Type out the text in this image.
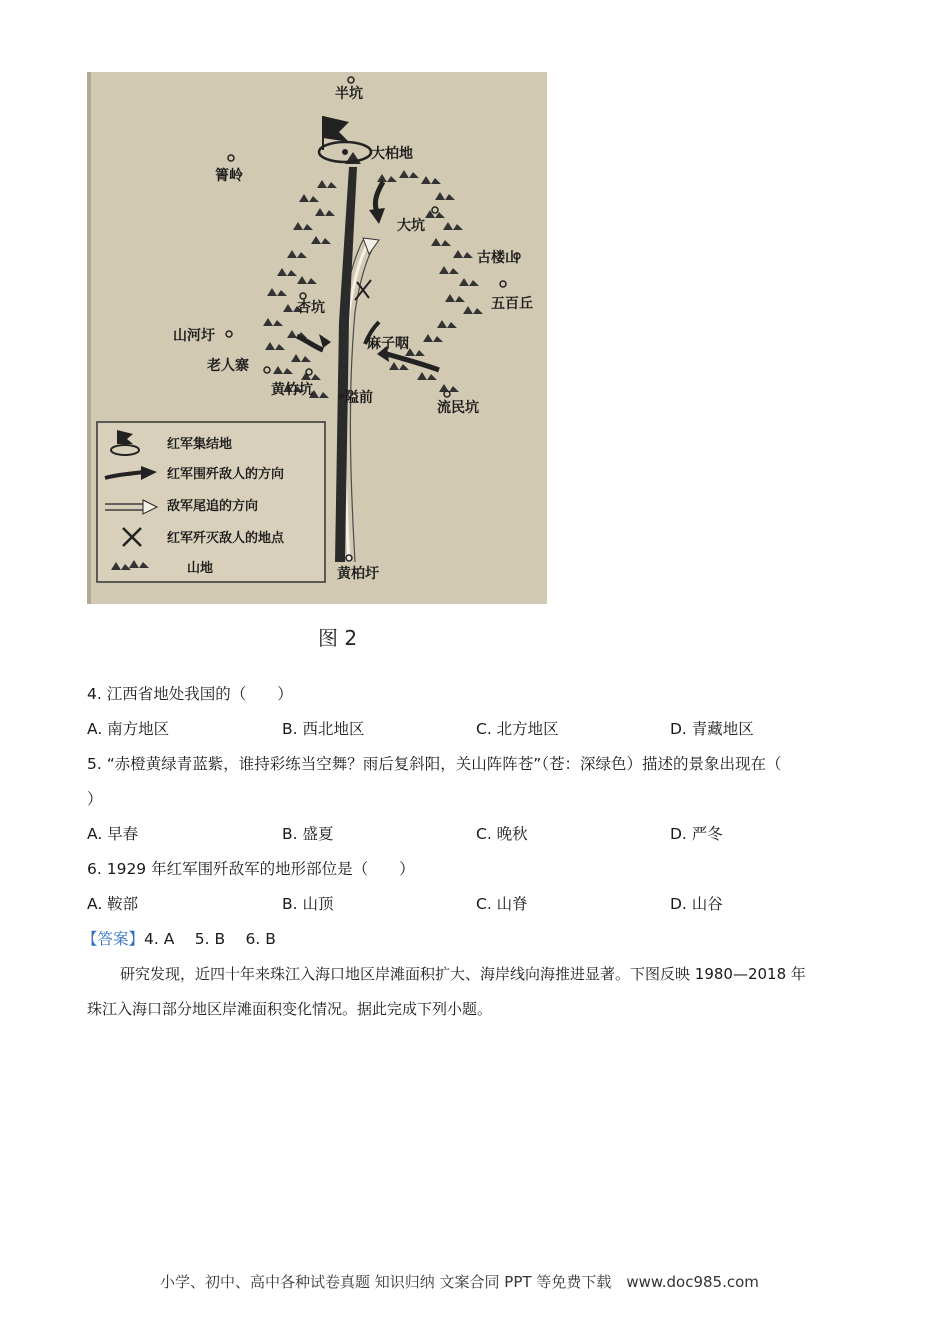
半坑
大柏地
箐岭
大坑
古楼山
五百丘
杏坑
山河圩
老人寨
麻子咽
黄竹坑 隘前
流民坑
黄柏圩
红军集结地
红军围歼敌人的方向
敌军尾追的方向
红军歼灭敌人的地点
山地
图 2
4. 江西省地处我国的（　　）
A. 南方地区	B. 西北地区	C. 北方地区	D. 青藏地区
5. “赤橙黄绿青蓝紫，谁持彩练当空舞？雨后复斜阳，关山阵阵苍”（苍：深绿色）描述的景象出现在（
）
A. 早春	B. 盛夏	C. 晚秋	D. 严冬
6. 1929 年红军围歼敌军的地形部位是（　　）
A. 鞍部	B. 山顶	C. 山脊	D. 山谷
【答案】4. A　 5. B　 6. B
研究发现，近四十年来珠江入海口地区岸滩面积扩大、海岸线向海推进显著。下图反映 1980—2018 年
珠江入海口部分地区岸滩面积变化情况。据此完成下列小题。
小学、初中、高中各种试卷真题 知识归纳 文案合同 PPT 等免费下载　www.doc985.com
